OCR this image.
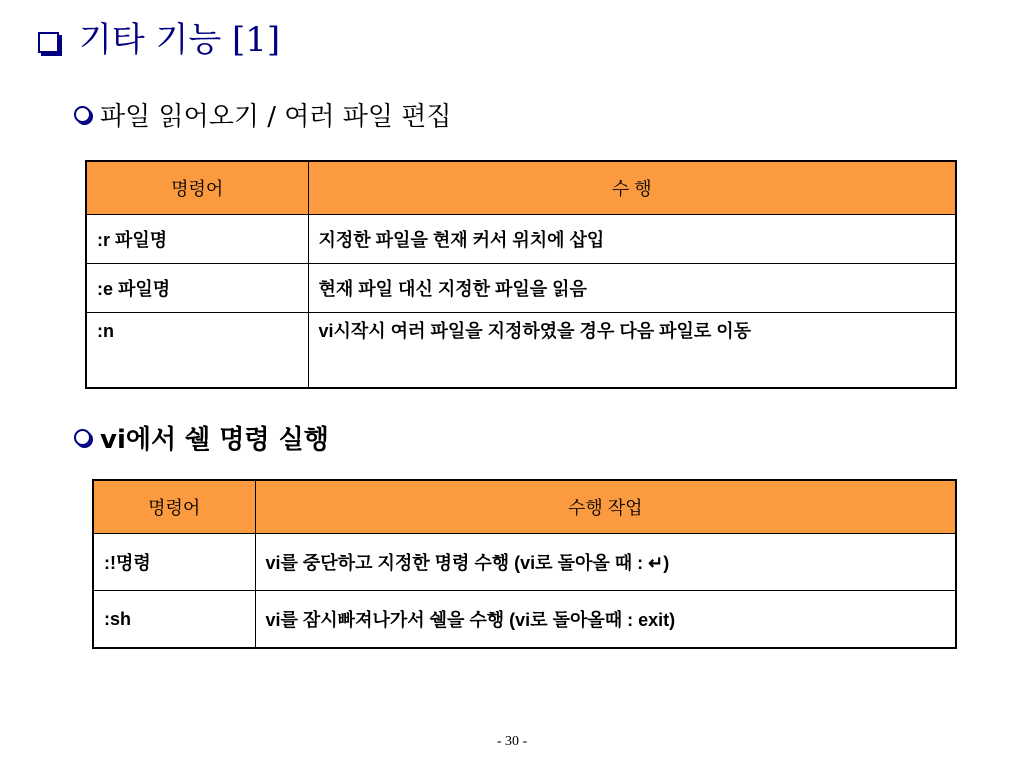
기타 기능 [1]
파일 읽어오기 / 여러 파일 편집
명령어	수 행
:r 파일명	지정한 파일을 현재 커서 위치에 삽입
:e 파일명	현재 파일 대신 지정한 파일을 읽음
:n	vi시작시 여러 파일을 지정하였을 경우 다음 파일로 이동
vi에서 쉘 명령 실행
명령어	수행 작업
:!명령	vi를 중단하고 지정한 명령 수행 (vi로 돌아올 때 : ↵)
:sh	vi를 잠시빠져나가서 쉘을 수행 (vi로 돌아올때 : exit)
- 30 -
